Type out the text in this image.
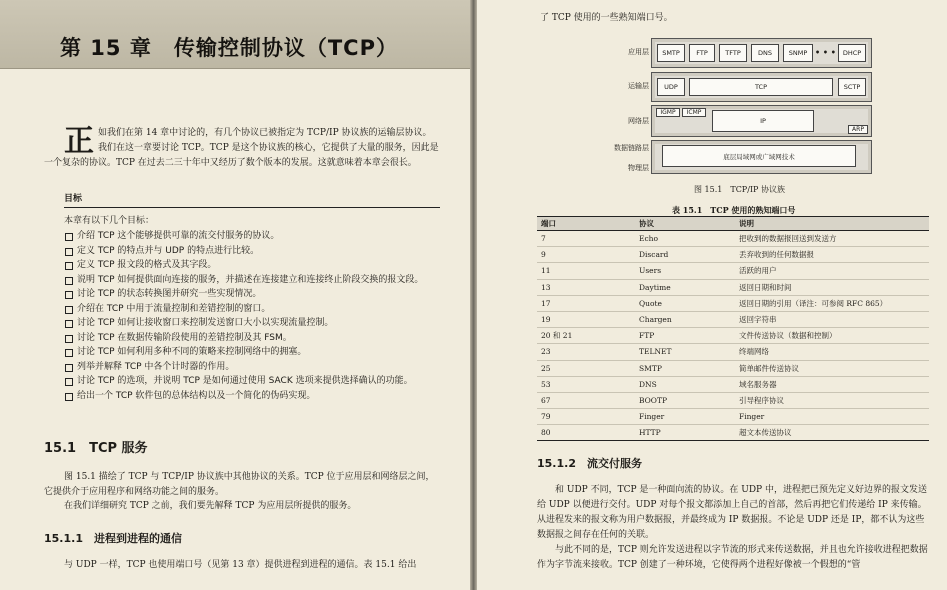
第 15 章　传输控制协议（TCP）
正 如我们在第 14 章中讨论的，有几个协议已被指定为 TCP/IP 协议族的运输层协议。我们在这一章要讨论 TCP。TCP 是这个协议族的核心，它提供了大量的服务，因此是一个复杂的协议。TCP 在过去二三十年中又经历了数个版本的发展。这就意味着本章会很长。
目标
本章有以下几个目标：
介绍 TCP 这个能够提供可靠的流交付服务的协议。
定义 TCP 的特点并与 UDP 的特点进行比较。
定义 TCP 报文段的格式及其字段。
说明 TCP 如何提供面向连接的服务，并描述在连接建立和连接终止阶段交换的报文段。
讨论 TCP 的状态转换图并研究一些实现情况。
介绍在 TCP 中用于流量控制和差错控制的窗口。
讨论 TCP 如何让接收窗口来控制发送窗口大小以实现流量控制。
讨论 TCP 在数据传输阶段使用的差错控制及其 FSM。
讨论 TCP 如何利用多种不同的策略来控制网络中的拥塞。
列举并解释 TCP 中各个计时器的作用。
讨论 TCP 的选项，并说明 TCP 是如何通过使用 SACK 选项来提供选择确认的功能。
给出一个 TCP 软件包的总体结构以及一个简化的伪码实现。
15.1　TCP 服务
图 15.1 描绘了 TCP 与 TCP/IP 协议族中其他协议的关系。TCP 位于应用层和网络层之间，它提供介于应用程序和网络功能之间的服务。
在我们详细研究 TCP 之前，我们要先解释 TCP 为应用层所提供的服务。
15.1.1　进程到进程的通信
与 UDP 一样，TCP 也使用端口号（见第 13 章）提供进程到进程的通信。表 15.1 给出
了 TCP 使用的一些熟知端口号。
应用层
运输层
网络层
数据链路层
物理层
SMTP	FTP	TFTP	DNS	SNMP • • •	DHCP
UDP	TCP	SCTP
IGMP	ICMP
IP
ARP
底层局域网或广域网技术
图 15.1　TCP/IP 协议族
表 15.1　TCP 使用的熟知端口号
端口	协议	说明
7	Echo	把收到的数据报回送到发送方
9	Discard	丢弃收到的任何数据报
11	Users	活跃的用户
13	Daytime	返回日期和时间
17	Quote	返回日期的引用（译注：可参阅 RFC 865）
19	Chargen	返回字符串
20 和 21	FTP	文件传送协议（数据和控制）
23	TELNET	终端网络
25	SMTP	简单邮件传送协议
53	DNS	域名服务器
67	BOOTP	引导程序协议
79	Finger	Finger
80	HTTP	超文本传送协议
15.1.2　流交付服务
和 UDP 不同，TCP 是一种面向流的协议。在 UDP 中，进程把已预先定义好边界的报文发送给 UDP 以便进行交付。UDP 对每个报文都添加上自己的首部，然后再把它们传递给 IP 来传输。从进程发来的报文称为用户数据报，并最终成为 IP 数据报。不论是 UDP 还是 IP，都不认为这些数据报之间存在任何的关联。
与此不同的是，TCP 则允许发送进程以字节流的形式来传送数据，并且也允许接收进程把数据作为字节流来接收。TCP 创建了一种环境，它使得两个进程好像被一个假想的“管
